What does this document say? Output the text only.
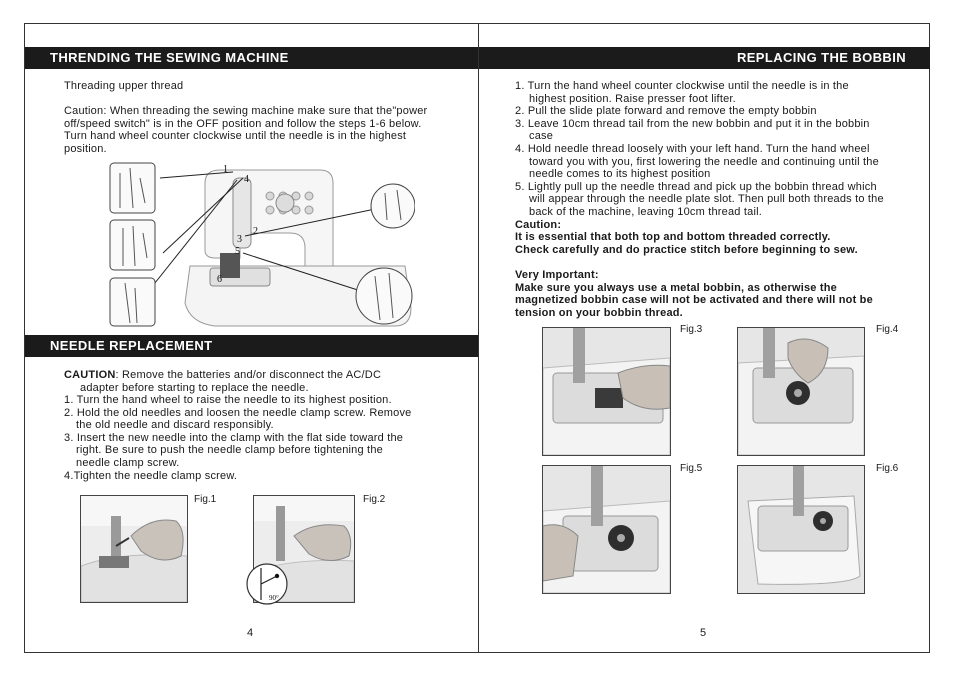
THRENDING THE SEWING MACHINE

Threading upper thread

Caution: When threading the sewing machine make sure that the"power

off/speed switch" is in the OFF position and follow the steps 1-6 below.

Turn hand wheel counter clockwise until the needle is in the highest

position.

1
2
3
4
5
6
NEEDLE REPLACEMENT

CAUTION: Remove the batteries and/or disconnect the AC/DC

adapter before starting to replace the needle.

1. Turn the hand wheel to raise the needle to its highest position.

2. Hold the old needles and loosen the needle clamp screw. Remove

the old needle and discard responsibly.

3. Insert the new needle into the clamp with the flat side toward the

right. Be sure to push the needle clamp before tightening the

needle clamp screw.

4.Tighten the needle clamp screw.

Fig.1	Fig.2
90°
4
REPLACING THE BOBBIN

1. Turn the hand wheel counter clockwise until the needle is in the

highest position. Raise presser foot lifter.

2. Pull the slide plate forward and remove the empty bobbin

3. Leave 10cm thread tail from the new bobbin and put it in the bobbin

case

4. Hold needle thread loosely with your left hand. Turn the hand wheel

toward you with you, first lowering the needle and continuing until the

needle comes to its highest position

5. Lightly pull up the needle thread and pick up the bobbin thread which

will appear through the needle plate slot. Then pull both threads to the

back of the machine, leaving 10cm thread tail.

Caution:

It is essential that both top and bottom threaded correctly.

Check carefully and do practice stitch before beginning to sew.

Very Important:

Make sure you always use a metal bobbin, as otherwise the

magnetized bobbin case will not be activated and there will not be

tension on your bobbin thread.

Fig.3	Fig.4
Fig.5	Fig.6
5
